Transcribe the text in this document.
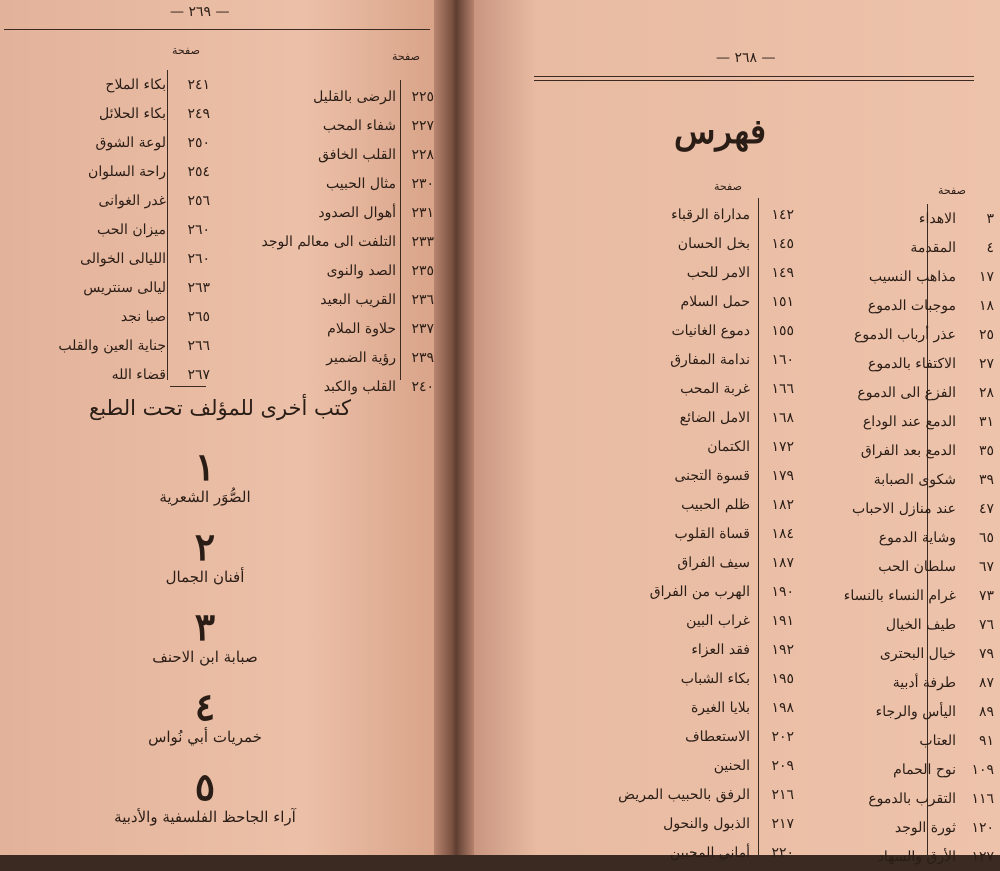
— ٢٦٩ —
صفحة	صفحة
٢٢٥
الرضى بالقليل
٢٢٧
شفاء المحب
٢٢٨
القلب الخافق
٢٣٠
مثال الحبيب
٢٣١
أهوال الصدود
٢٣٣
التلفت الى معالم الوجد
٢٣٥
الصد والنوى
٢٣٦
القريب البعيد
٢٣٧
حلاوة الملام
٢٣٩
رؤية الضمير
٢٤٠
القلب والكبد
٢٤١
بكاء الملاح
٢٤٩
بكاء الحلائل
٢٥٠
لوعة الشوق
٢٥٤
راحة السلوان
٢٥٦
غدر الغوانى
٢٦٠
ميزان الحب
٢٦٠
الليالى الخوالى
٢٦٣
ليالى سنتريس
٢٦٥
صبا نجد
٢٦٦
جناية العين والقلب
٢٦٧
قضاء الله
كتب أخرى للمؤلف تحت الطبع
١
الصُّوَر الشعرية
٢
أفنان الجمال
٣
صبابة ابن الاحنف
٤
خمريات أبي نُواس
٥
آراء الجاحظ الفلسفية والأدبية
— ٢٦٨ —
فهرس
صفحة	صفحة
٣
الاهداء
٤
المقدمة
١٧
مذاهب النسيب
١٨
موجبات الدموع
٢٥
عذر أرباب الدموع
٢٧
الاكتفاء بالدموع
٢٨
الفزع الى الدموع
٣١
الدمع عند الوداع
٣٥
الدمع بعد الفراق
٣٩
شكوى الصبابة
٤٧
عند منازل الاحباب
٦٥
وشاية الدموع
٦٧
سلطان الحب
٧٣
غرام النساء بالنساء
٧٦
طيف الخيال
٧٩
خيال البحترى
٨٧
طرفة أدبية
٨٩
اليأس والرجاء
٩١
العتاب
١٠٩
نوح الحمام
١١٦
التقرب بالدموع
١٢٠
ثورة الوجد
١٢٧
الأرق والسهاد
١٤٢
مداراة الرقباء
١٤٥
بخل الحسان
١٤٩
الامر للحب
١٥١
حمل السلام
١٥٥
دموع الغانيات
١٦٠
ندامة المفارق
١٦٦
غربة المحب
١٦٨
الامل الضائع
١٧٢
الكتمان
١٧٩
قسوة التجنى
١٨٢
ظلم الحبيب
١٨٤
قساة القلوب
١٨٧
سيف الفراق
١٩٠
الهرب من الفراق
١٩١
غراب البين
١٩٢
فقد العزاء
١٩٥
بكاء الشباب
١٩٨
بلايا الغيرة
٢٠٢
الاستعطاف
٢٠٩
الحنين
٢١٦
الرفق بالحبيب المريض
٢١٧
الذبول والنحول
٢٢٠
أماني المحبين
